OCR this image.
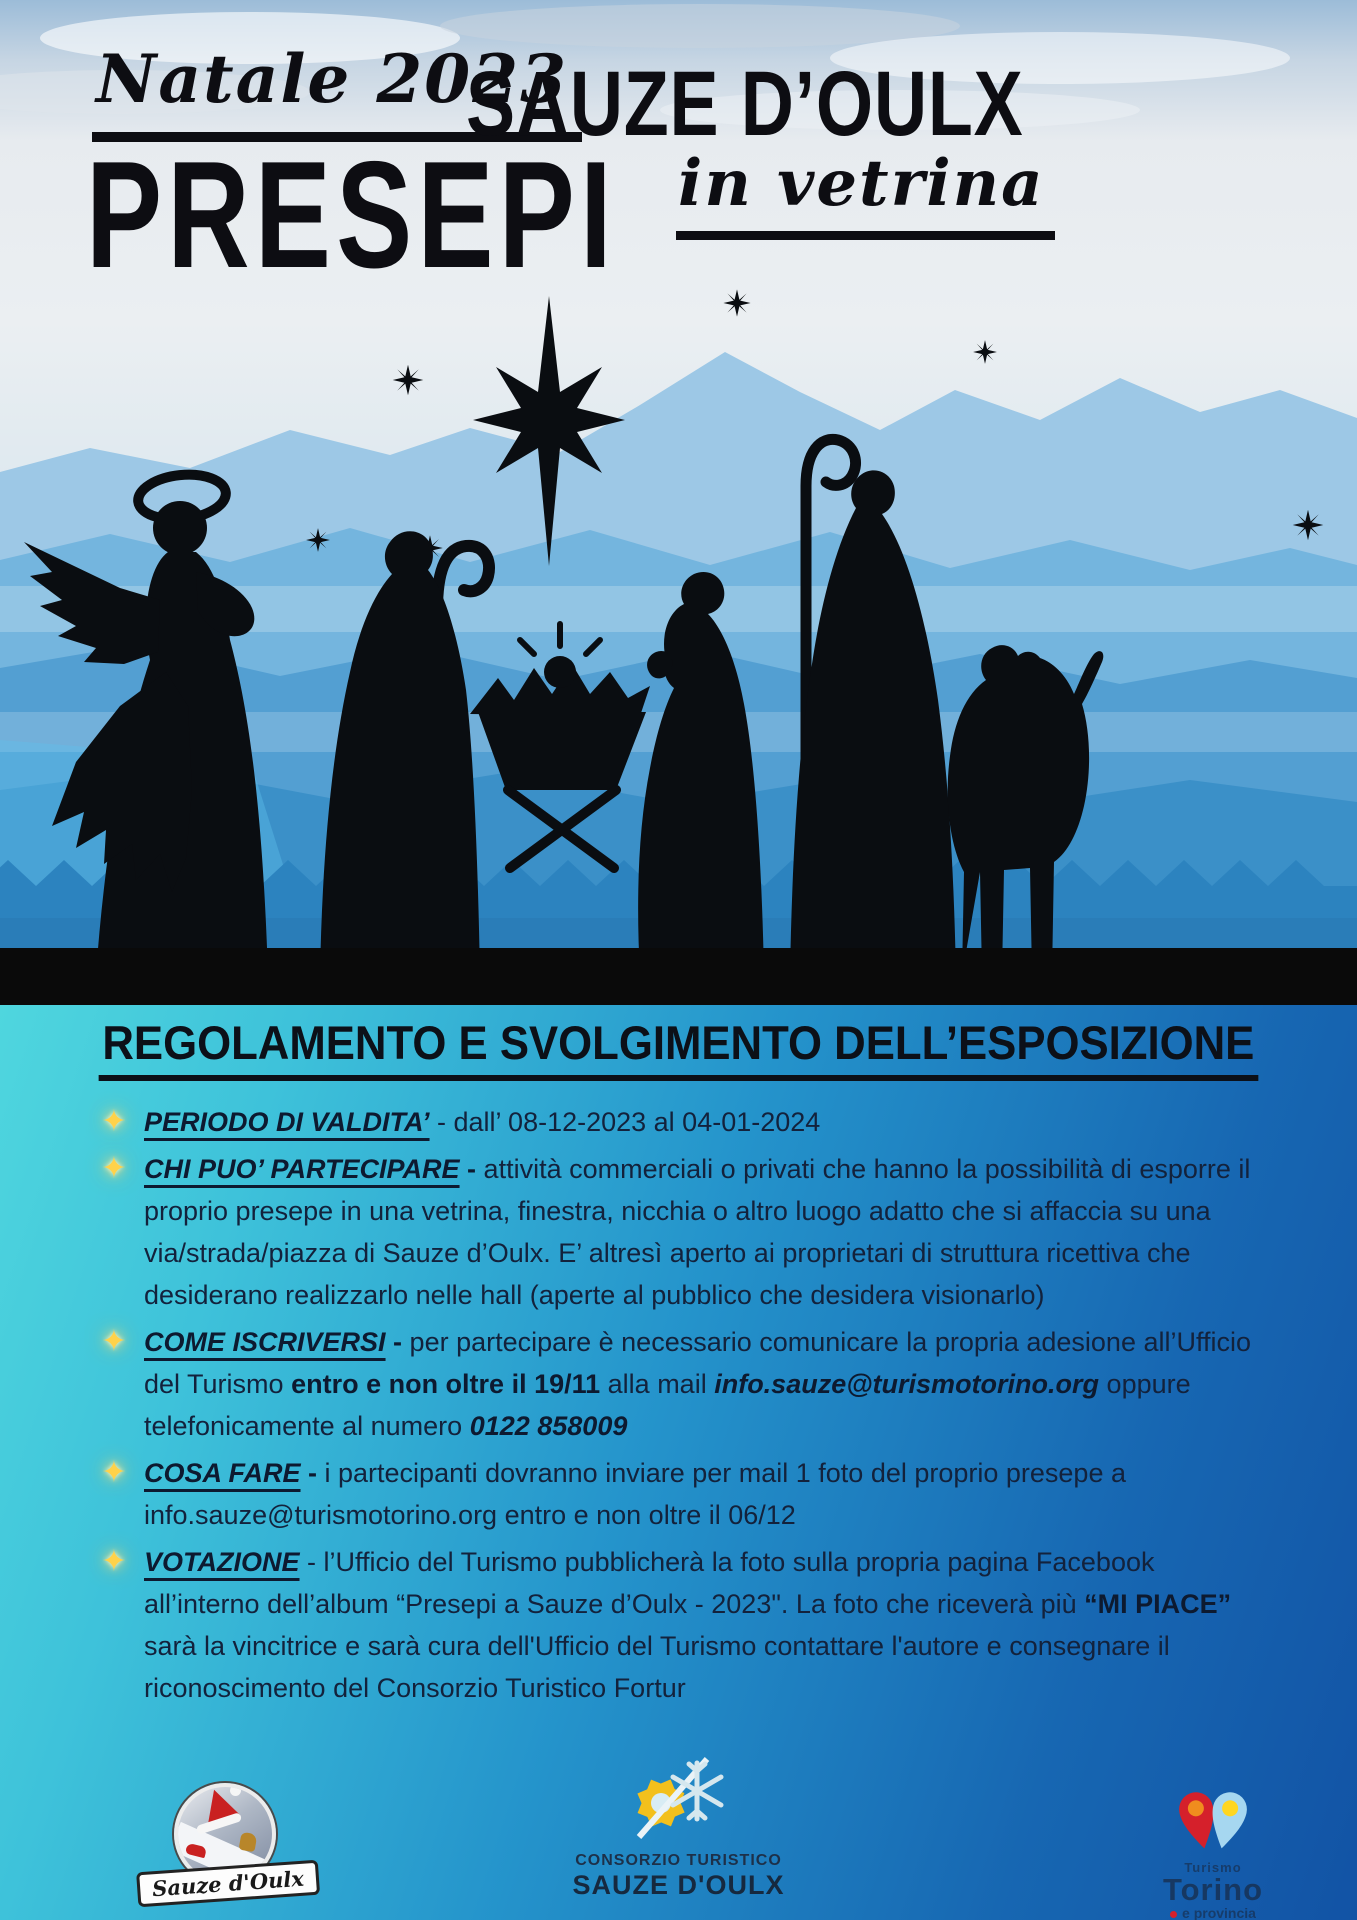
Natale 2023
SAUZE D’OULX
PRESEPI in vetrina
REGOLAMENTO E SVOLGIMENTO DELL’ESPOSIZIONE
✦ PERIODO DI VALDITA’ - dall’ 08-12-2023 al 04-01-2024
✦ CHI PUO’ PARTECIPARE - attività commerciali o privati che hanno la possibilità di esporre il proprio presepe in una vetrina, finestra, nicchia o altro luogo adatto che si affaccia su una via/strada/piazza di Sauze d’Oulx. E’ altresì aperto ai proprietari di struttura ricettiva che desiderano realizzarlo nelle hall (aperte al pubblico che desidera visionarlo)
✦ COME ISCRIVERSI - per partecipare è necessario comunicare la propria adesione all’Ufficio del Turismo entro e non oltre il 19/11 alla mail info.sauze@turismotorino.org oppure telefonicamente al numero 0122 858009
✦ COSA FARE - i partecipanti dovranno inviare per mail 1 foto del proprio presepe a info.sauze@turismotorino.org entro e non oltre il 06/12
✦ VOTAZIONE - l’Ufficio del Turismo pubblicherà la foto sulla propria pagina Facebook all’interno dell’album “Presepi a Sauze d’Oulx - 2023". La foto che riceverà più “MI PIACE” sarà la vincitrice e sarà cura dell'Ufficio del Turismo contattare l'autore e consegnare il riconoscimento del Consorzio Turistico Fortur
Sauze d'Oulx
CONSORZIO TURISTICO
SAUZE D'OULX
Turismo
Torino
e provincia
